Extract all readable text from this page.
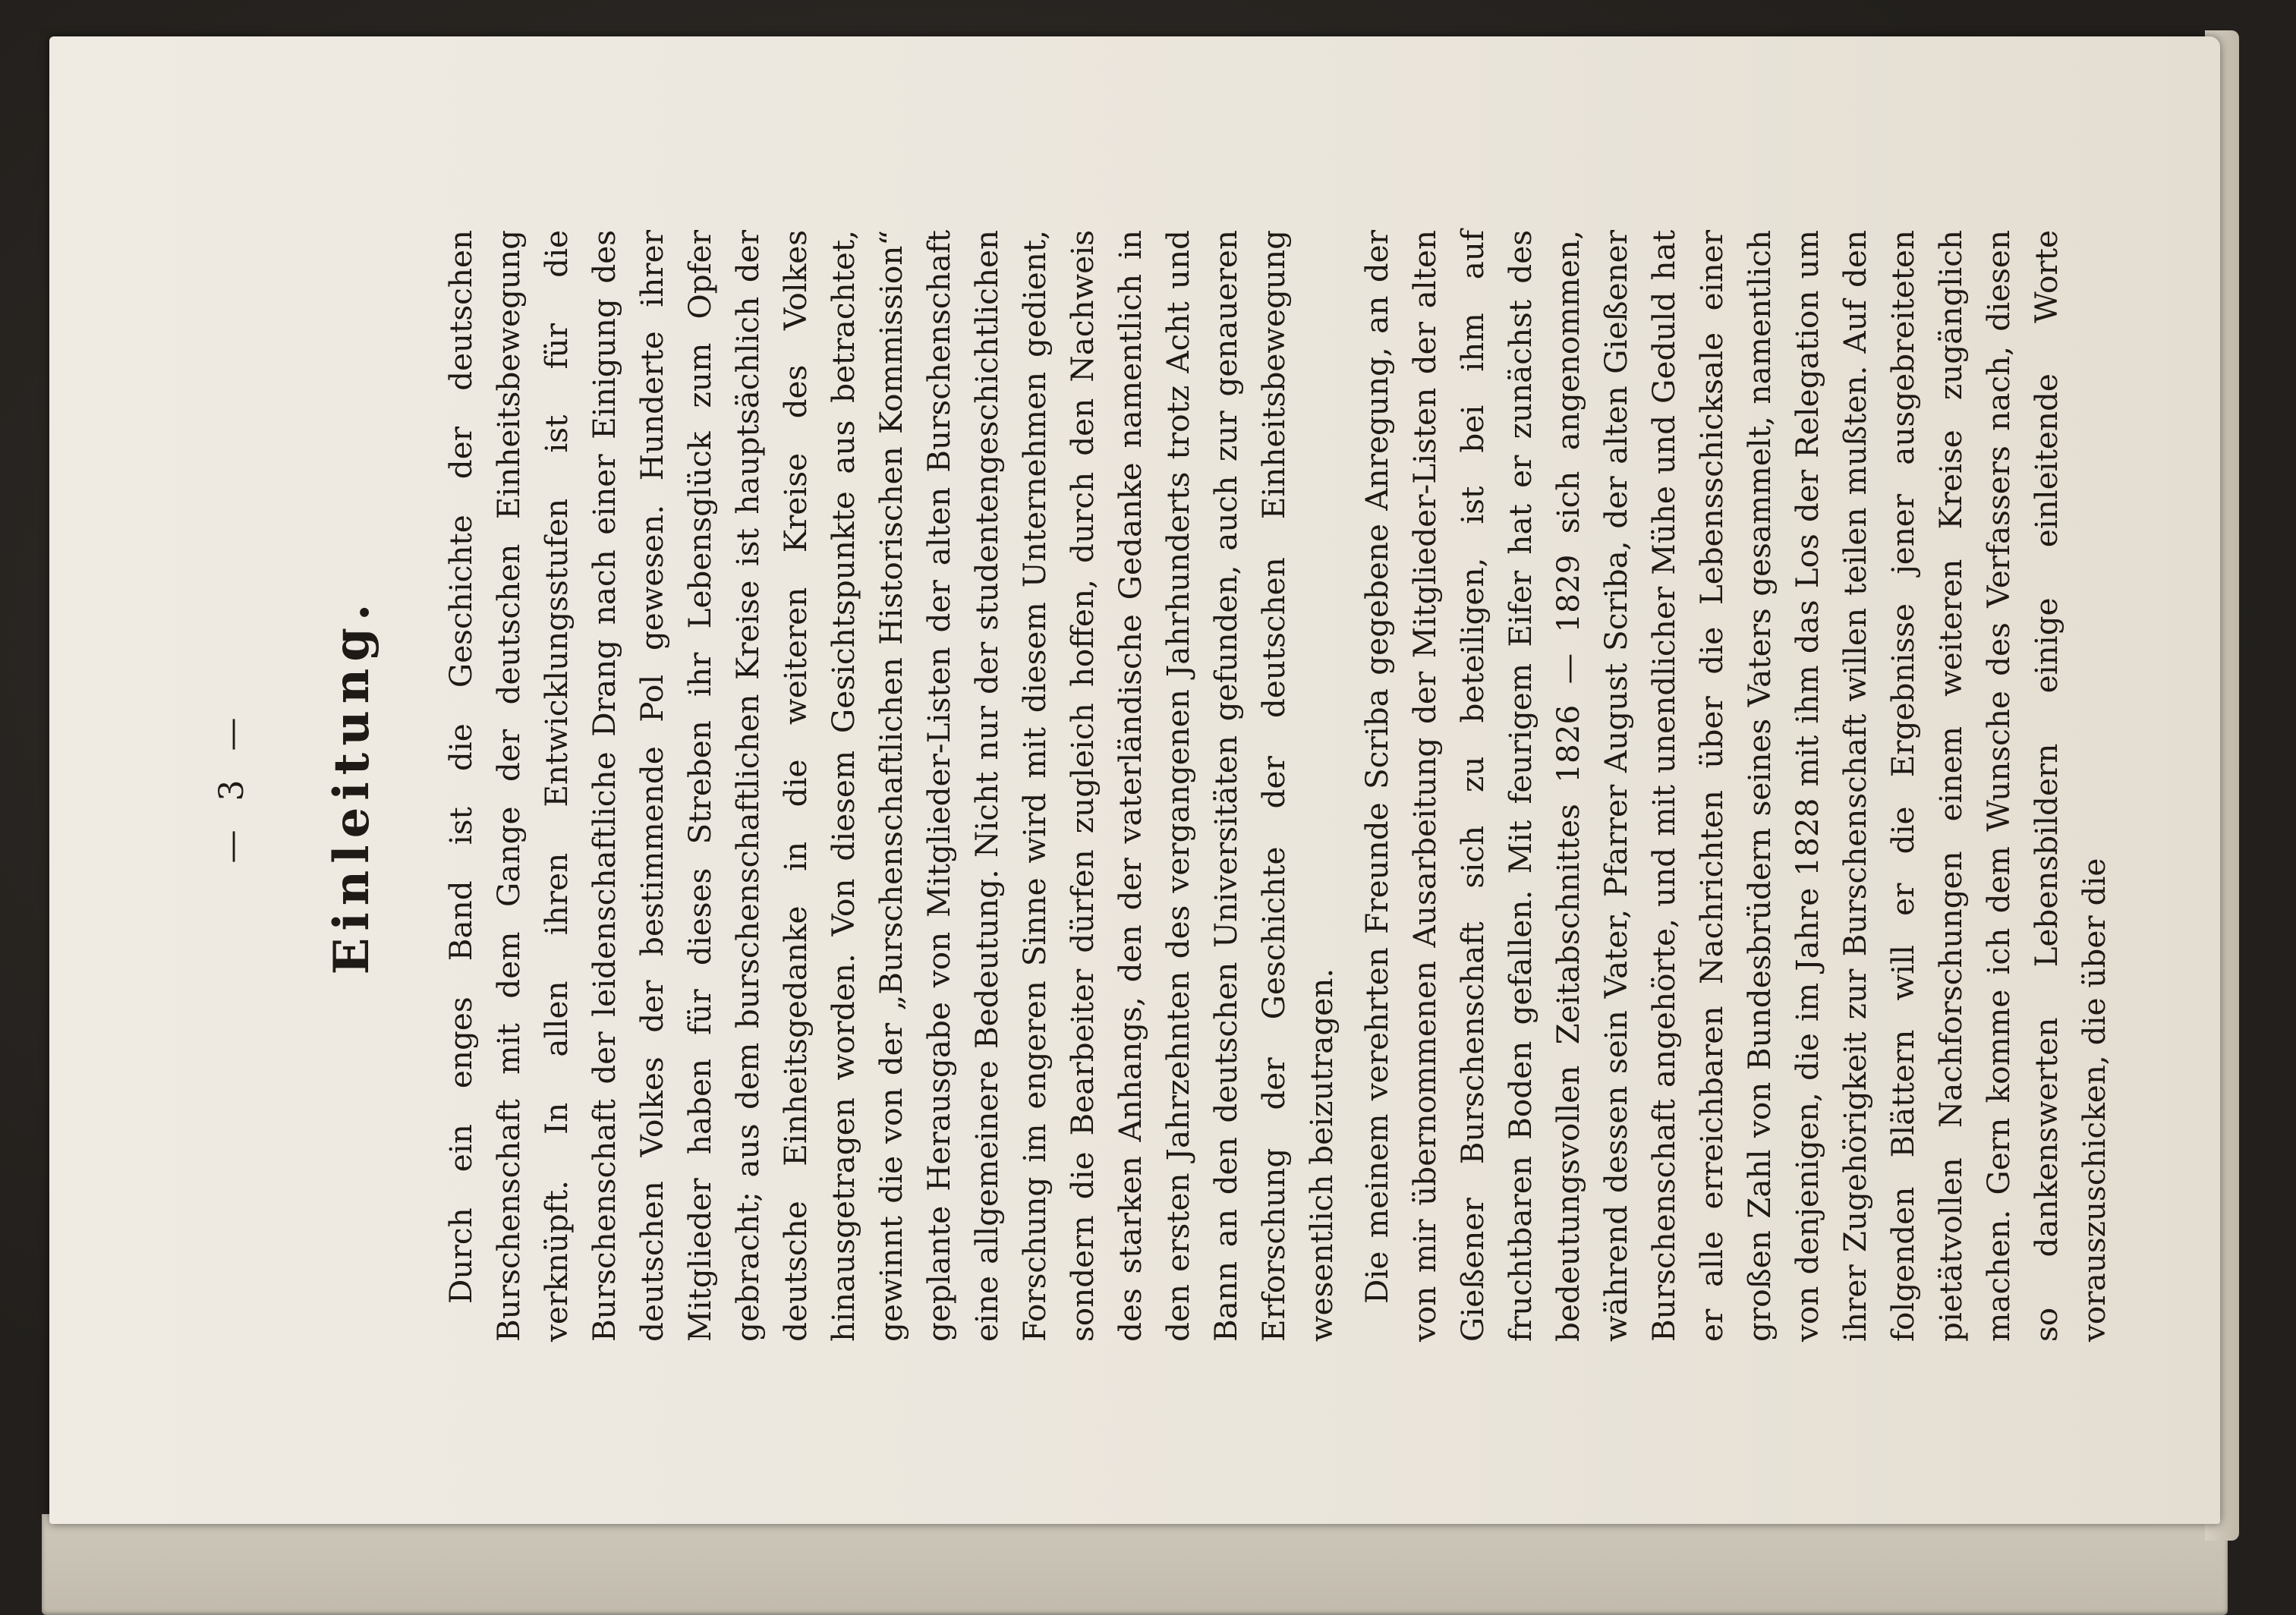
— 3 — Einleitung. Durch ein enges Band ist die Geschichte der deutschen Burschenschaft mit dem Gange der deutschen Einheitsbewegung verknüpft. In allen ihren Entwicklungsstufen ist für die Burschenschaft der leidenschaftliche Drang nach einer Einigung des deutschen Volkes der bestimmende Pol gewesen. Hunderte ihrer Mitglieder haben für dieses Streben ihr Lebensglück zum Opfer gebracht; aus dem burschenschaftlichen Kreise ist hauptsächlich der deutsche Einheitsgedanke in die weiteren Kreise des Volkes hinausgetragen worden. Von diesem Gesichtspunkte aus betrachtet, gewinnt die von der „Burschenschaftlichen Historischen Kommission“ geplante Herausgabe von Mitglieder-Listen der alten Burschenschaft eine allgemeinere Bedeutung. Nicht nur der studentengeschichtlichen Forschung im engeren Sinne wird mit diesem Unternehmen gedient, sondern die Bearbeiter dürfen zugleich hoffen, durch den Nachweis des starken Anhangs, den der vaterländische Gedanke namentlich in den ersten Jahrzehnten des vergangenen Jahrhunderts trotz Acht und Bann an den deutschen Universitäten gefunden, auch zur genaueren Erforschung der Geschichte der deutschen Einheitsbewegung wesentlich beizutragen. Die meinem verehrten Freunde Scriba gegebene Anregung, an der von mir übernommenen Ausarbeitung der Mitglieder-Listen der alten Gießener Burschenschaft sich zu beteiligen, ist bei ihm auf fruchtbaren Boden gefallen. Mit feurigem Eifer hat er zunächst des bedeutungsvollen Zeitabschnittes 1826 — 1829 sich angenommen, während dessen sein Vater, Pfarrer August Scriba, der alten Gießener Burschenschaft angehörte, und mit unendlicher Mühe und Geduld hat er alle erreichbaren Nachrichten über die Lebensschicksale einer großen Zahl von Bundesbrüdern seines Vaters gesammelt, namentlich von denjenigen, die im Jahre 1828 mit ihm das Los der Relegation um ihrer Zugehörigkeit zur Burschenschaft willen teilen mußten. Auf den folgenden Blättern will er die Ergebnisse jener ausgebreiteten pietätvollen Nachforschungen einem weiteren Kreise zugänglich machen. Gern komme ich dem Wunsche des Verfassers nach, diesen so dankenswerten Lebensbildern einige einleitende Worte vorauszuschicken, die über die
